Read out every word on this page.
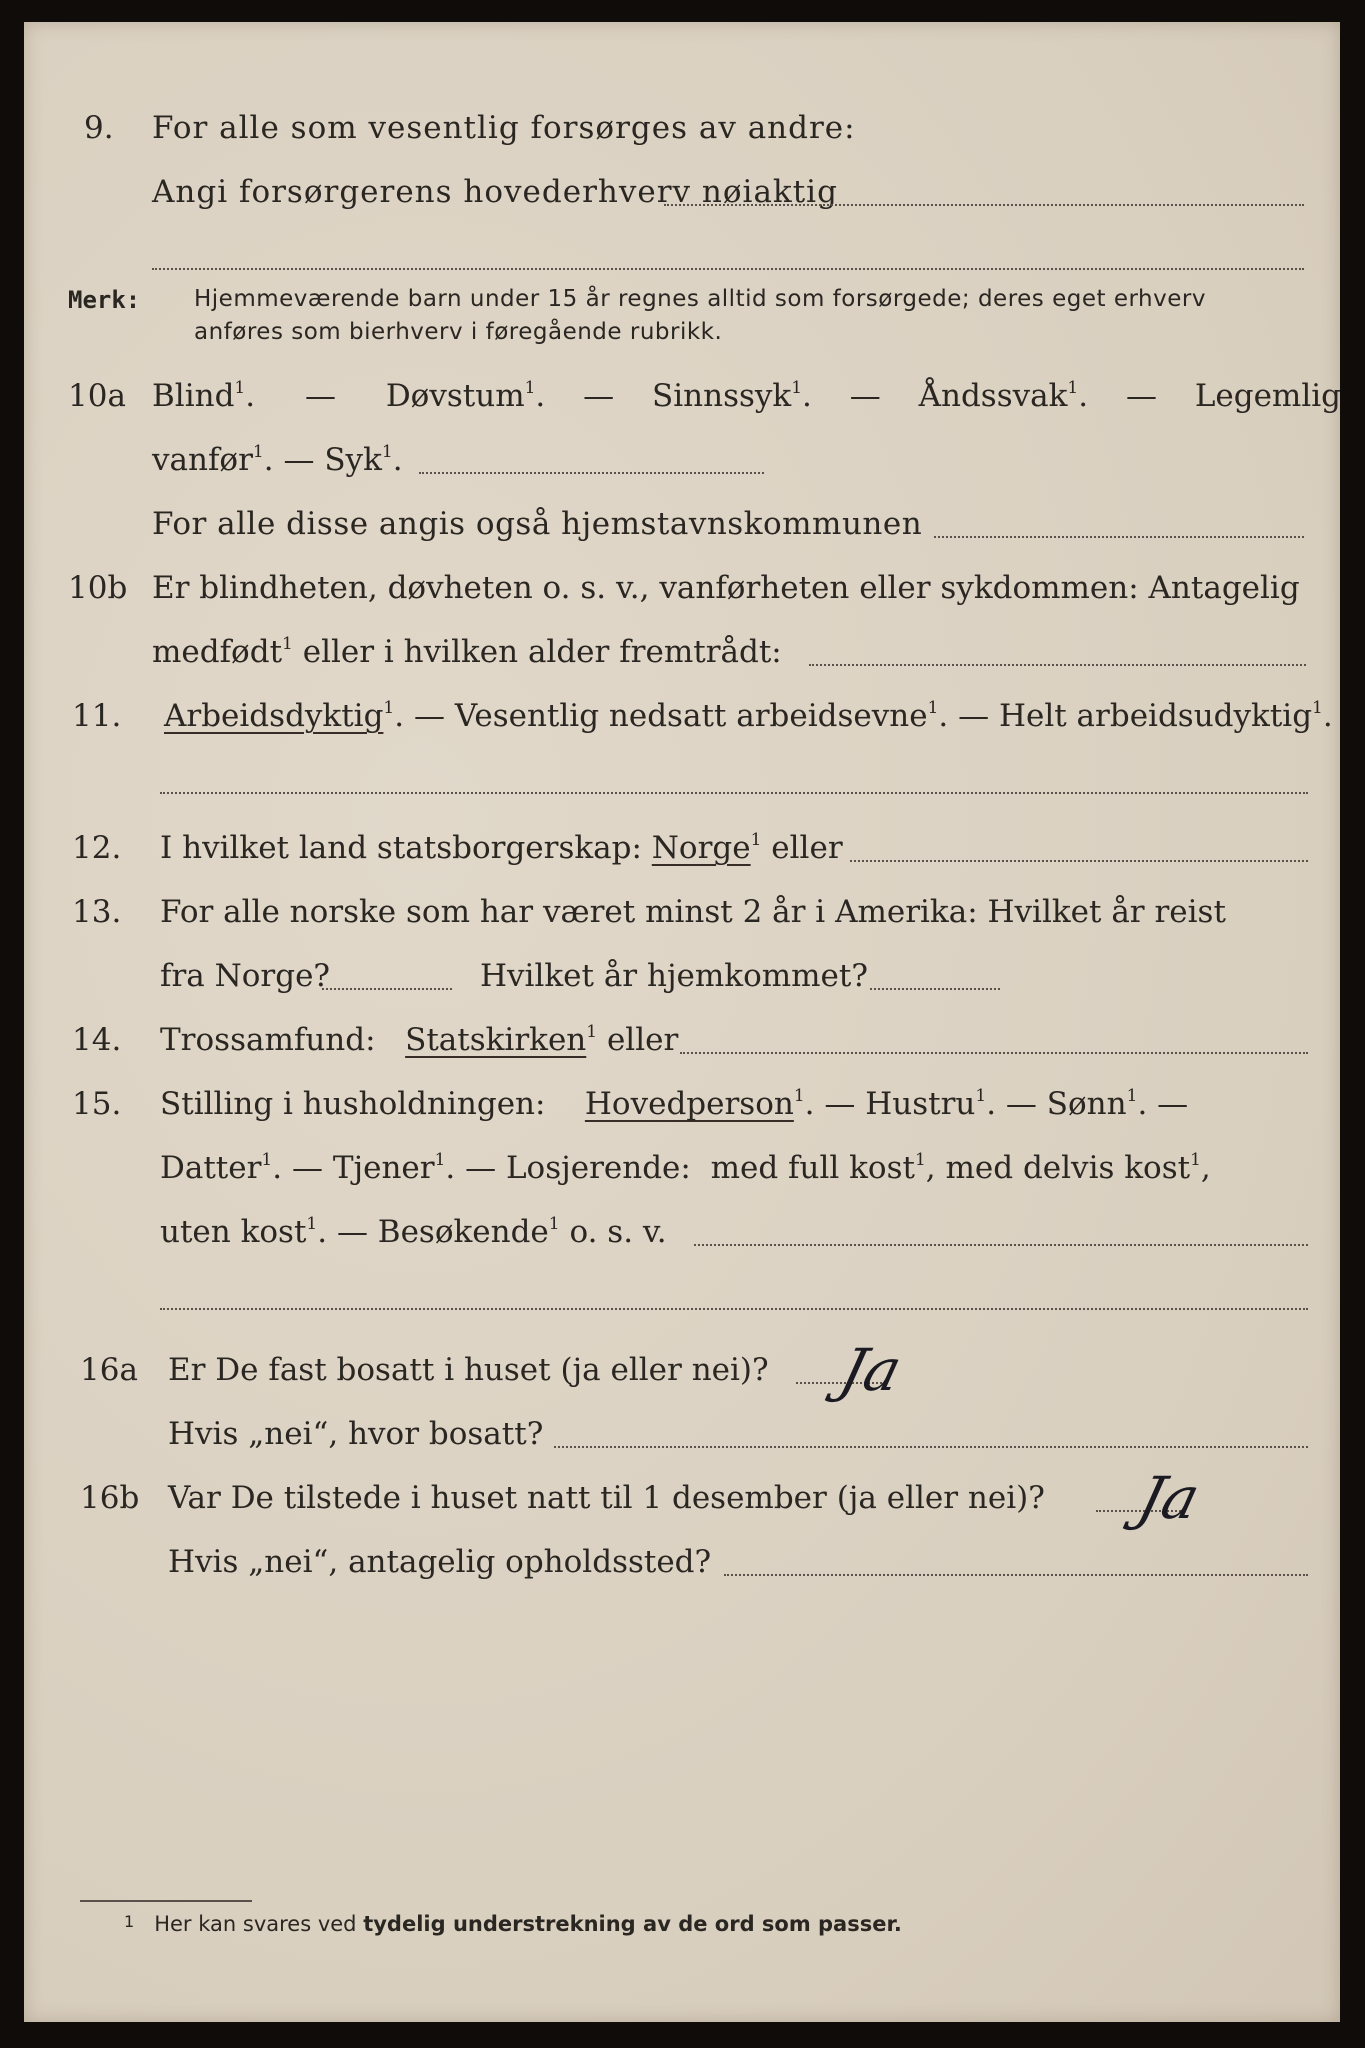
9. For alle som vesentlig forsørges av andre:
Angi forsørgerens hovederhverv nøiaktig
Merk: Hjemmeværende barn under 15 år regnes alltid som forsørgede; deres eget erhverv
anføres som bierhverv i føregående rubrikk.
10a Blind$^1$. — Døvstum$^1$. — Sinnssyk$^1$. — Åndssvak$^1$. — Legemlig
vanfør$^1$. — Syk$^1$.
For alle disse angis også hjemstavnskommunen
10b Er blindheten, døvheten o. s. v., vanførheten eller sykdommen: Antagelig
medfødt$^1$ eller i hvilken alder fremtrådt:
11. Arbeidsdyktig$^1$. — Vesentlig nedsatt arbeidsevne$^1$. — Helt arbeidsudyktig$^1$.
12. I hvilket land statsborgerskap: Norge$^1$ eller
13. For alle norske som har været minst 2 år i Amerika: Hvilket år reist
fra Norge?	Hvilket år hjemkommet?
14. Trossamfund: Statskirken$^1$ eller
15. Stilling i husholdningen: Hovedperson$^1$. — Hustru$^1$. — Sønn$^1$. —
Datter$^1$. — Tjener$^1$. — Losjerende: med full kost$^1$, med delvis kost$^1$,
uten kost$^1$. — Besøkende$^1$ o. s. v.
16a Er De fast bosatt i huset (ja eller nei)? Ja
Hvis „nei“, hvor bosatt?
16b Var De tilstede i huset natt til 1 desember (ja eller nei)? Ja
Hvis „nei“, antagelig opholdssted?
1 Her kan svares ved tydelig understrekning av de ord som passer.
